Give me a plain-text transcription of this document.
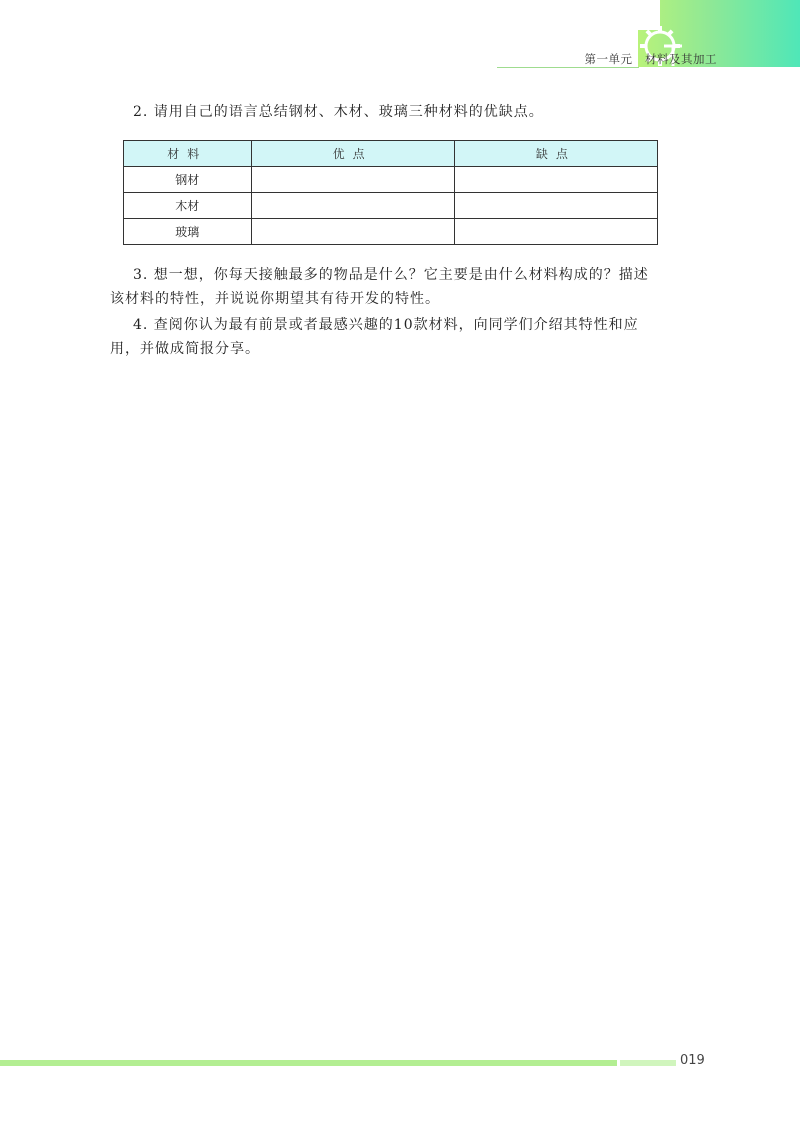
第一单元 材料及其加工
2. 请用自己的语言总结钢材、木材、玻璃三种材料的优缺点。
材料	优点	缺点
钢材		
木材		
玻璃		
3. 想一想，你每天接触最多的物品是什么？它主要是由什么材料构成的？描述该材料的特性，并说说你期望其有待开发的特性。
4. 查阅你认为最有前景或者最感兴趣的10款材料，向同学们介绍其特性和应用，并做成简报分享。
019
